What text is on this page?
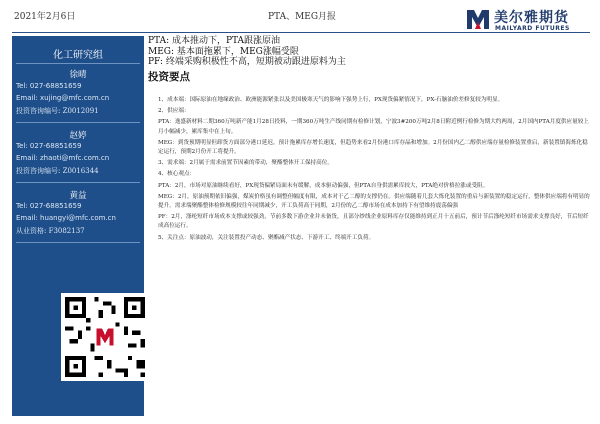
2021年2月6日	PTA、MEG月报	美尔雅期货
MAILYARD FUTURES
化工研究组
徐晴
Tel: 027-68851659
Email: xujing@mfc.com.cn
投资咨询编号: Z0012091
赵婷
Tel: 027-68851659
Email: zhaoti@mfc.com.cn
投资咨询编号: Z0016344
黄益
Tel: 027-68851659
Email: huangyi@mfc.com.cn
从业资格: F3082137
PTA: 成本推动下，PTA跟涨原油
MEG: 基本面拖累下，MEG涨幅受限
PF: 终端采购积极性不高，短期被动跟进原料为主
投资要点

1、成本端：国际原油在地缘政治、欧洲能源紧张以及美国极寒天气的影响下强势上行，PX现货偏紧情况下，PX-石脑油价差修复较为明显。

2、供应端：

PTA：逸盛新材料二期360万吨新产能1月28日投料，一期360万吨生产线同期有检修计划，宁波3#200万吨2月8日附近例行检修为期大约两周，2月国内PTA月度供应量较上月小幅减少，累库集中在上旬。

MEG：到货预期明显但卸货方面部分港口延迟，预计拖累库存增长速度，但趋势来看2月份港口库存晶和增加。2月份国内乙二醇供应端存量检修装置重启，新装置镇海炼化稳定运行，预期2月份开工将提升。

3、需求端：2月属于需求前置节因素的带动，聚酯整体开工保持高位。

4、核心观点：

PTA：2月，市场对原油继续看好，PX现货偏紧局面未有缓解，成本驱动偏强，但PTA自身供需累库较大，PTA绝对价格拉涨或受阻。

MEG：2月，原油预期依旧偏强，煤炭价格虽有调整但幅度有限，成本对于乙二醇的支撑仍在。供应端随着几套大炼化装置的重启与新装置的稳定运行，整体供应端将有明显的提升。需求端聚酯整体检修规模较往年同期减少，开工负荷高于同期，2月份的乙二醇市场在成本加持下有望维持震荡偏强

PF：2月，涤纶短纤市场成本支撑或较强劲，节前多数下游企业并未备货，且部分纱线企业原料库存仅能维持到正月十五前后，预计节后涤纶短纤市场需求支撑良好，节后短纤成高位运行。

5、关注点：原油波动，关注装置投产动态、聚酯减产状态、下游开工、终端开工负荷。
